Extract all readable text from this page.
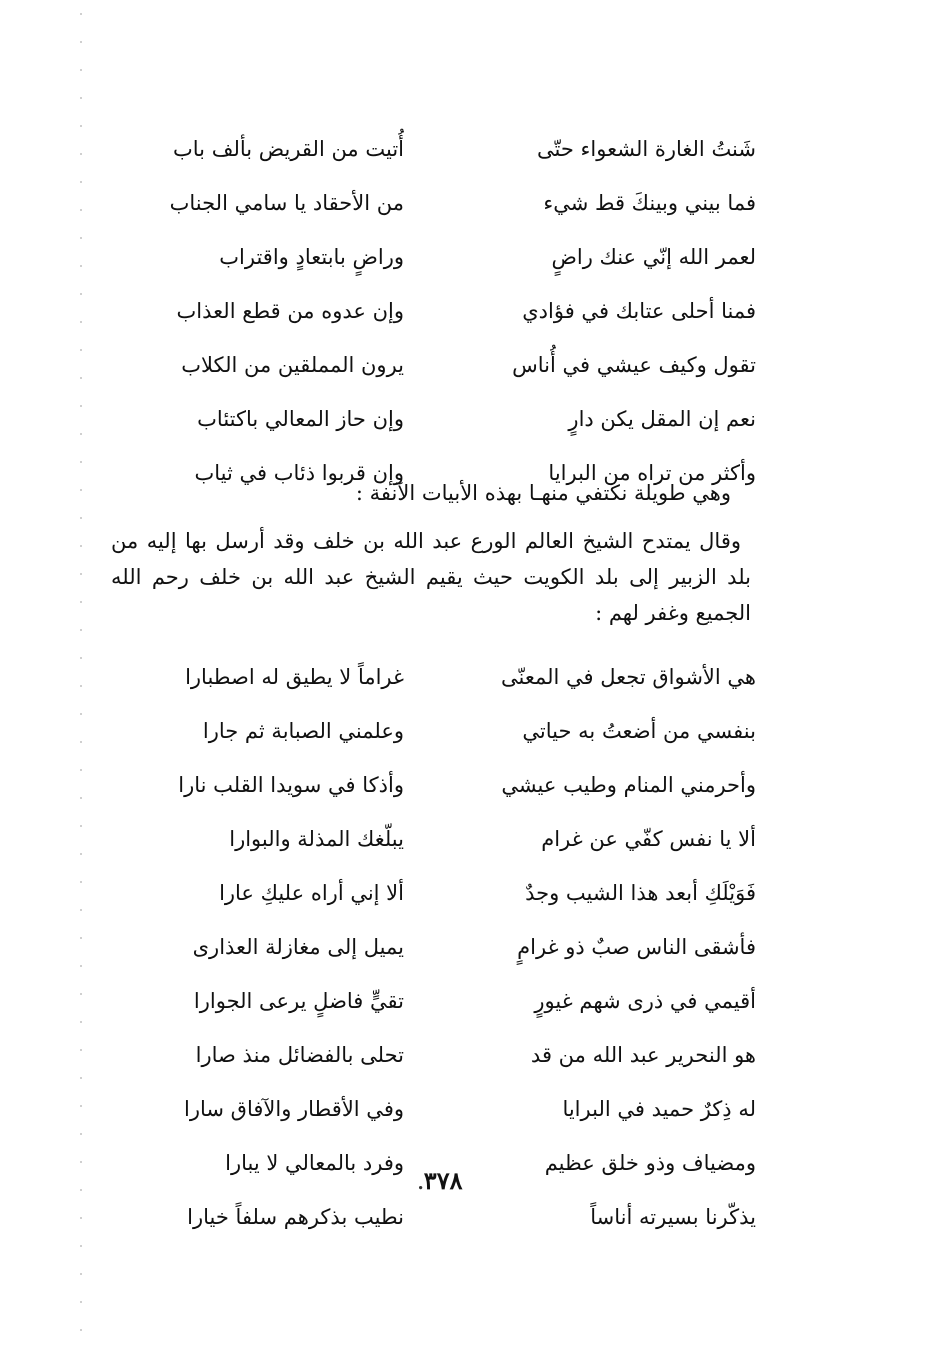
شَنتُ الغارة الشعواء حتّى
أُتيت من القريض بألف باب
فما بيني وبينكَ قط شيء
من الأحقاد يا سامي الجناب
لعمر الله إنّي عنك راضٍ
وراضٍ بابتعادٍ واقتراب
فمنا أحلى عتابك في فؤادي
وإن عدوه من قطع العذاب
تقول وكيف عيشي في أُناس
يرون المملقين من الكلاب
نعم إن المقل يكن دارٍ
وإن حاز المعالي باكتئاب
وأكثر من تراه من البرايا
وإن قربوا ذئاب في ثياب

وهي طويلة نكتفي منهـا بهذه الأبيات الآنفة :

وقال يمتدح الشيخ العالم الورع عبد الله بن خلف وقد أرسل بها إليه من بلد الزبير إلى بلد الكويت حيث يقيم الشيخ عبد الله بن خلف رحم الله الجميع وغفر لهم :

هي الأشواق تجعل في المعنّى
غراماً لا يطيق له اصطبارا
بنفسي من أضعتُ به حياتي
وعلمني الصبابة ثم جارا
وأحرمني المنام وطيب عيشي
وأذكا في سويدا القلب نارا
ألا يا نفس كفّي عن غرام
يبلّغك المذلة والبوارا
فَوَيْلَكِ أبعد هذا الشيب وجدٌ
ألا إني أراه عليكِ عارا
فأشقى الناس صبٌ ذو غرامٍ
يميل إلى مغازلة العذارى
أقيمي في ذرى شهم غيورٍ
تقيٍّ فاضلٍ يرعى الجوارا
هو النحرير عبد الله من قد
تحلى بالفضائل منذ صارا
له ذِكرٌ حميد في البرايا
وفي الأقطار والآفاق سارا
ومضياف وذو خلق عظيم
وفرد بالمعالي لا يبارا
يذكّرنا بسيرته أناساً
نطيب بذكرهم سلفاً خيارا
٣٧٨.
